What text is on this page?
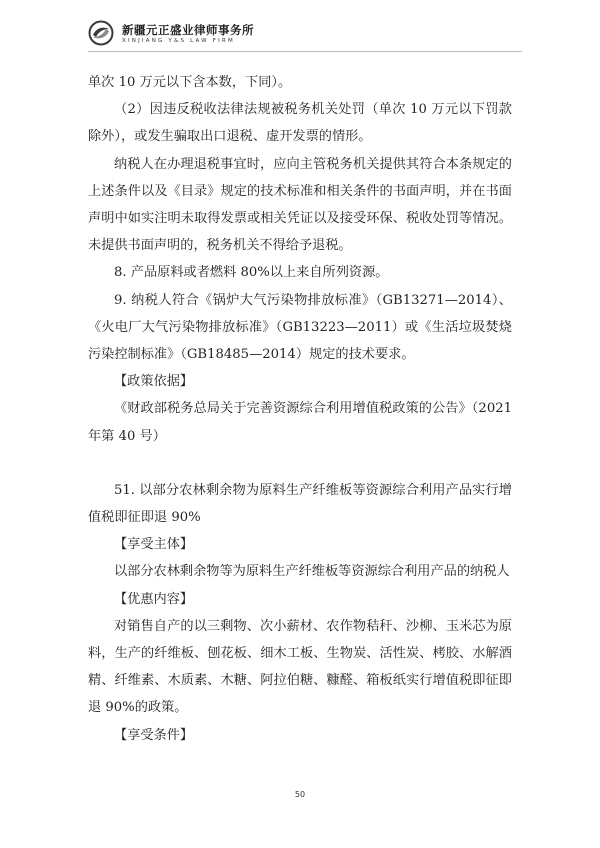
新疆元正盛业律师事务所
XINJIANG Y&S LAW FIRM

单次 10 万元以下含本数，下同）。

（2）因违反税收法律法规被税务机关处罚（单次 10 万元以下罚款除外），或发生骗取出口退税、虚开发票的情形。

纳税人在办理退税事宜时，应向主管税务机关提供其符合本条规定的上述条件以及《目录》规定的技术标准和相关条件的书面声明，并在书面声明中如实注明未取得发票或相关凭证以及接受环保、税收处罚等情况。未提供书面声明的，税务机关不得给予退税。

8. 产品原料或者燃料 80%以上来自所列资源。

9. 纳税人符合《锅炉大气污染物排放标准》（GB13271—2014）、《火电厂大气污染物排放标准》（GB13223—2011）或《生活垃圾焚烧污染控制标准》（GB18485—2014）规定的技术要求。

【政策依据】

《财政部税务总局关于完善资源综合利用增值税政策的公告》（2021 年第 40 号）

51. 以部分农林剩余物为原料生产纤维板等资源综合利用产品实行增值税即征即退 90%

【享受主体】

以部分农林剩余物等为原料生产纤维板等资源综合利用产品的纳税人

【优惠内容】

对销售自产的以三剩物、次小薪材、农作物秸秆、沙柳、玉米芯为原料，生产的纤维板、刨花板、细木工板、生物炭、活性炭、栲胶、水解酒精、纤维素、木质素、木糖、阿拉伯糖、糠醛、箱板纸实行增值税即征即退 90%的政策。

【享受条件】

50
